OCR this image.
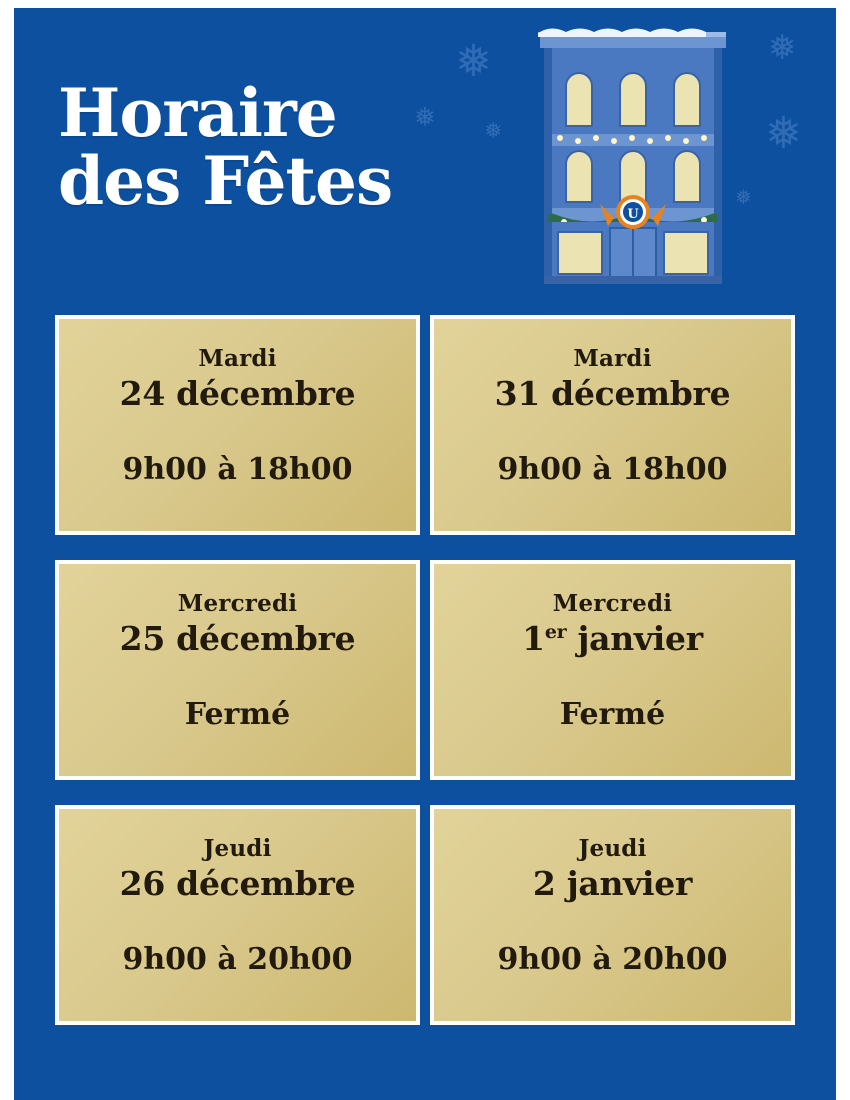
Horaire
des Fêtes
❅
❅ ❅
❅
❅
❅
U
Mardi
24 décembre
9h00 à 18h00
Mardi
31 décembre
9h00 à 18h00
Mercredi
25 décembre
Fermé
Mercredi
1er janvier
Fermé
Jeudi
26 décembre
9h00 à 20h00
Jeudi
2 janvier
9h00 à 20h00
